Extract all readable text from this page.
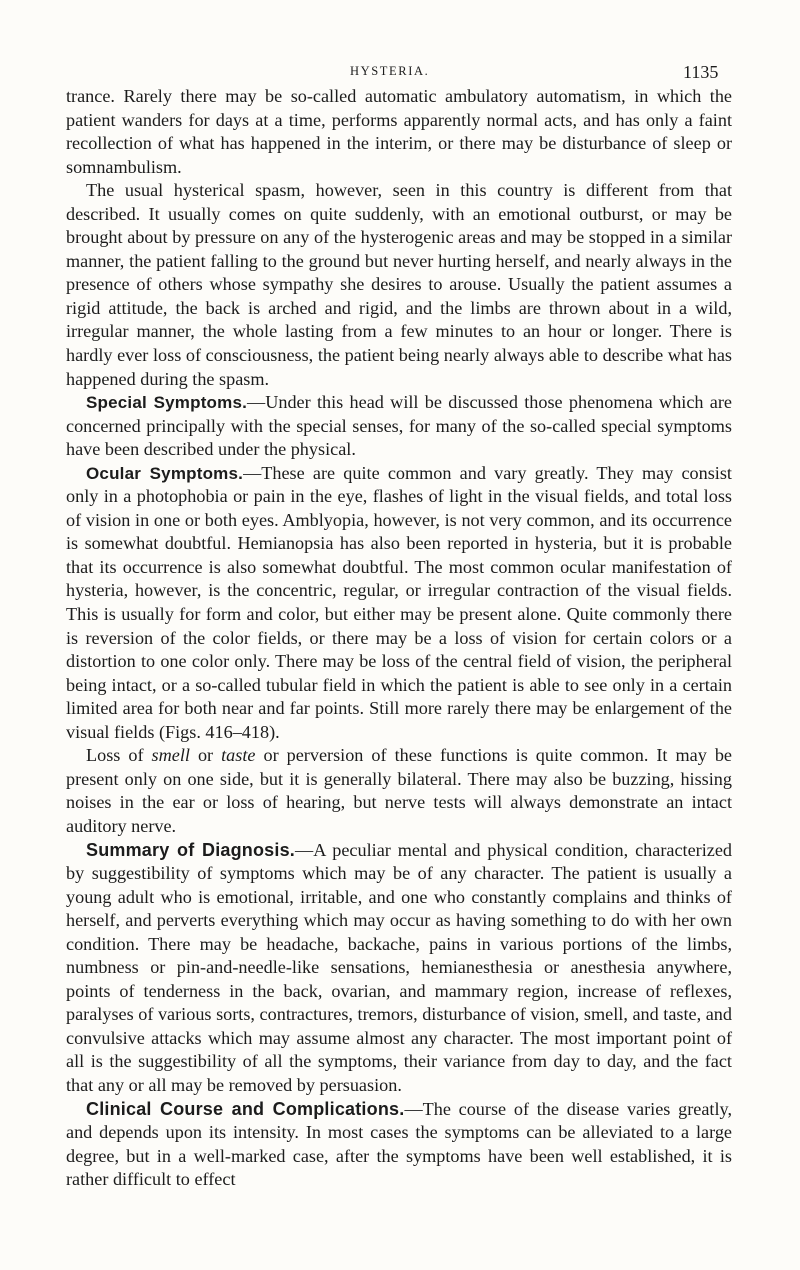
HYSTERIA.	1135

trance. Rarely there may be so-called automatic ambulatory automatism, in which the patient wanders for days at a time, performs apparently normal acts, and has only a faint recollection of what has happened in the interim, or there may be disturbance of sleep or somnambulism.

The usual hysterical spasm, however, seen in this country is different from that described. It usually comes on quite suddenly, with an emotional outburst, or may be brought about by pressure on any of the hysterogenic areas and may be stopped in a similar manner, the patient falling to the ground but never hurting herself, and nearly always in the presence of others whose sympathy she desires to arouse. Usually the patient assumes a rigid attitude, the back is arched and rigid, and the limbs are thrown about in a wild, irregular manner, the whole lasting from a few minutes to an hour or longer. There is hardly ever loss of consciousness, the patient being nearly always able to describe what has happened during the spasm.

Special Symptoms.—Under this head will be discussed those phenomena which are concerned principally with the special senses, for many of the so-called special symptoms have been described under the physical.

Ocular Symptoms.—These are quite common and vary greatly. They may consist only in a photophobia or pain in the eye, flashes of light in the visual fields, and total loss of vision in one or both eyes. Amblyopia, however, is not very common, and its occurrence is somewhat doubtful. Hemianopsia has also been reported in hysteria, but it is probable that its occurrence is also somewhat doubtful. The most common ocular manifestation of hysteria, however, is the concentric, regular, or irregular contraction of the visual fields. This is usually for form and color, but either may be present alone. Quite commonly there is reversion of the color fields, or there may be a loss of vision for certain colors or a distortion to one color only. There may be loss of the central field of vision, the peripheral being intact, or a so-called tubular field in which the patient is able to see only in a certain limited area for both near and far points. Still more rarely there may be enlargement of the visual fields (Figs. 416–418).

Loss of smell or taste or perversion of these functions is quite common. It may be present only on one side, but it is generally bilateral. There may also be buzzing, hissing noises in the ear or loss of hearing, but nerve tests will always demonstrate an intact auditory nerve.

Summary of Diagnosis.—A peculiar mental and physical condition, characterized by suggestibility of symptoms which may be of any character. The patient is usually a young adult who is emotional, irritable, and one who constantly complains and thinks of herself, and perverts everything which may occur as having something to do with her own condition. There may be headache, backache, pains in various portions of the limbs, numbness or pin-and-needle-like sensations, hemianesthesia or anesthesia anywhere, points of tenderness in the back, ovarian, and mammary region, increase of reflexes, paralyses of various sorts, contractures, tremors, disturbance of vision, smell, and taste, and convulsive attacks which may assume almost any character. The most important point of all is the suggestibility of all the symptoms, their variance from day to day, and the fact that any or all may be removed by persuasion.

Clinical Course and Complications.—The course of the disease varies greatly, and depends upon its intensity. In most cases the symptoms can be alleviated to a large degree, but in a well-marked case, after the symptoms have been well established, it is rather difficult to effect
